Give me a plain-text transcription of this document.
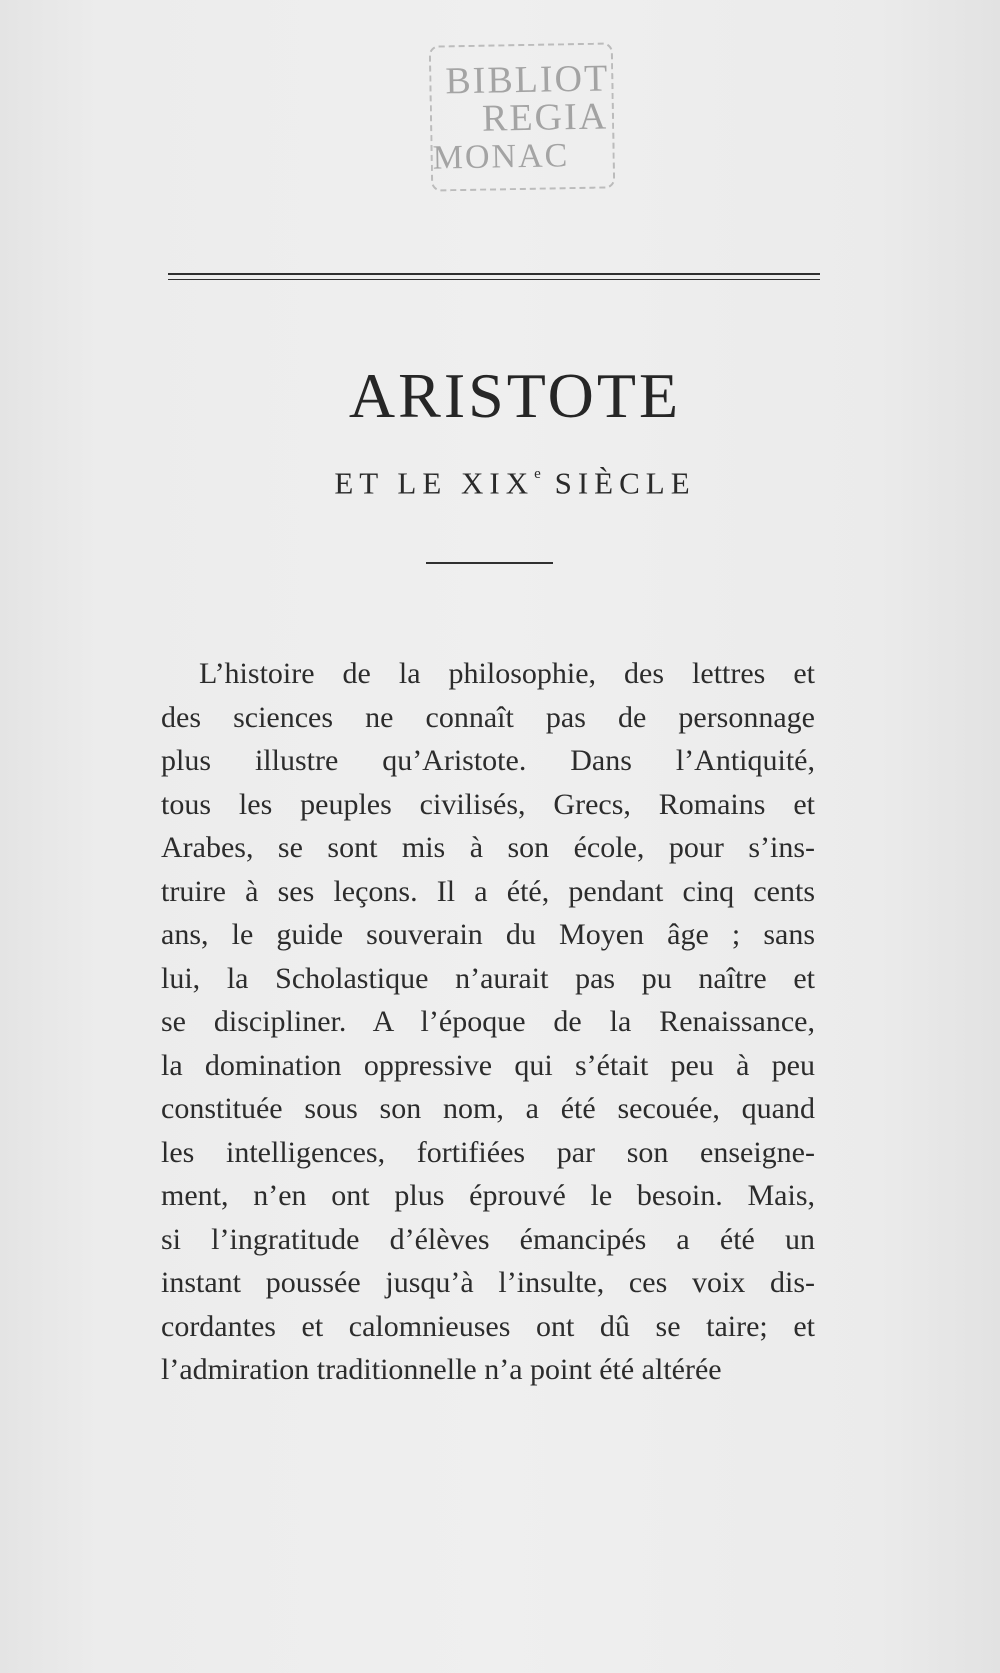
BIBLIOT
REGIA
MONAC
ARISTOTE
ET LE XIXe SIÈCLE
L’histoire de la philosophie, des lettres et
des sciences ne connaît pas de personnage
plus illustre qu’Aristote. Dans l’Antiquité,
tous les peuples civilisés, Grecs, Romains et
Arabes, se sont mis à son école, pour s’ins-
truire à ses leçons. Il a été, pendant cinq cents
ans, le guide souverain du Moyen âge ; sans
lui, la Scholastique n’aurait pas pu naître et
se discipliner. A l’époque de la Renaissance,
la domination oppressive qui s’était peu à peu
constituée sous son nom, a été secouée, quand
les intelligences, fortifiées par son enseigne-
ment, n’en ont plus éprouvé le besoin. Mais,
si l’ingratitude d’élèves émancipés a été un
instant poussée jusqu’à l’insulte, ces voix dis-
cordantes et calomnieuses ont dû se taire; et
l’admiration traditionnelle n’a point été altérée
